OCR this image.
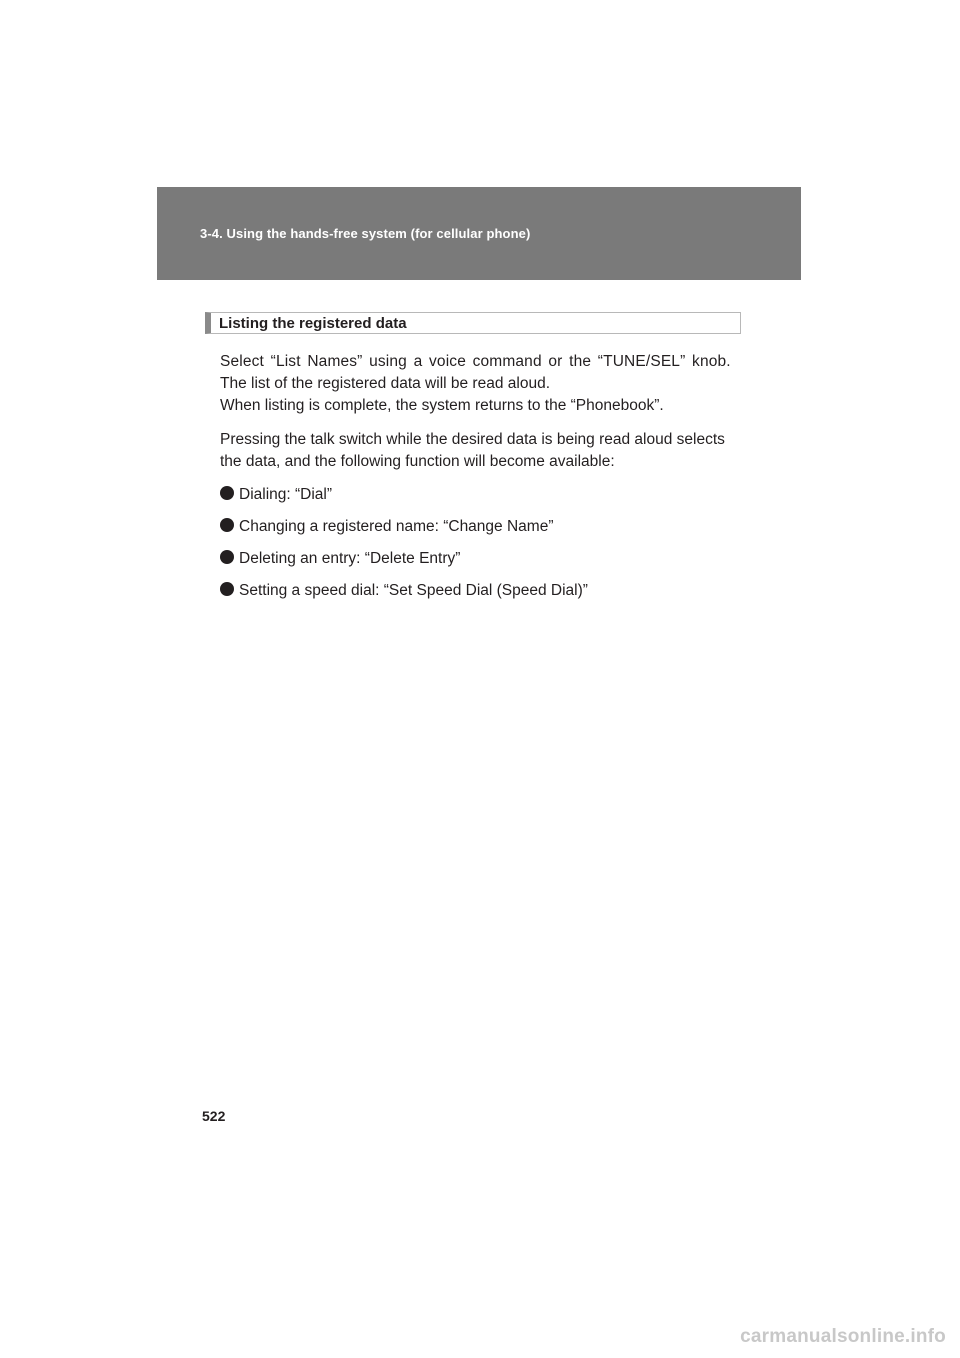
3-4. Using the hands-free system (for cellular phone)
Listing the registered data
Select “List Names” using a voice command or the “TUNE/SEL” knob.
The list of the registered data will be read aloud.
When listing is complete, the system returns to the “Phonebook”.
Pressing the talk switch while the desired data is being read aloud selects
the data, and the following function will become available:
Dialing: “Dial”
Changing a registered name: “Change Name”
Deleting an entry: “Delete Entry”
Setting a speed dial: “Set Speed Dial (Speed Dial)”
522
carmanualsonline.info
